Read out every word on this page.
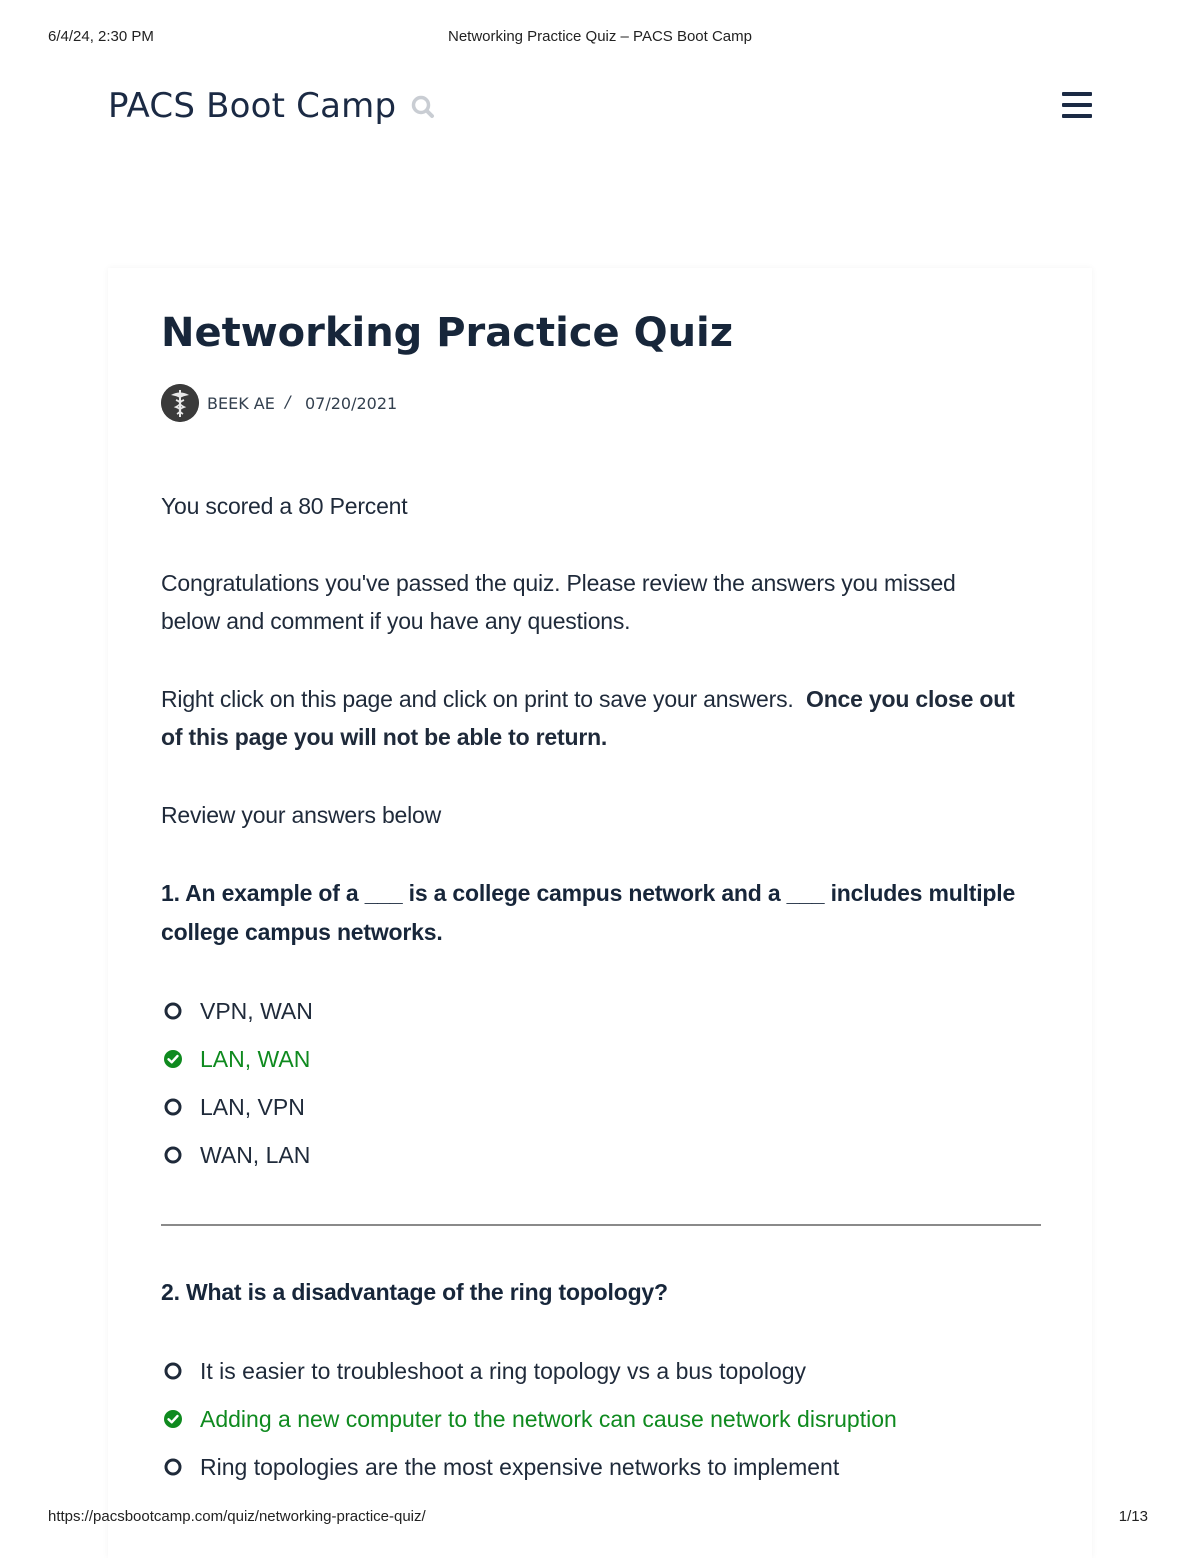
6/4/24, 2:30 PM	Networking Practice Quiz – PACS Boot Camp
PACS Boot Camp
Networking Practice Quiz
BEEK AE / 07/20/2021

You scored a 80 Percent

Congratulations you've passed the quiz. Please review the answers you missed
below and comment if you have any questions.

Right click on this page and click on print to save your answers. Once you close out
of this page you will not be able to return.

Review your answers below

1. An example of a ___ is a college campus network and a ___ includes multiple
college campus networks.

VPN, WAN
LAN, WAN
LAN, VPN
WAN, LAN

2. What is a disadvantage of the ring topology?

It is easier to troubleshoot a ring topology vs a bus topology
Adding a new computer to the network can cause network disruption
Ring topologies are the most expensive networks to implement
https://pacsbootcamp.com/quiz/networking-practice-quiz/	1/13
